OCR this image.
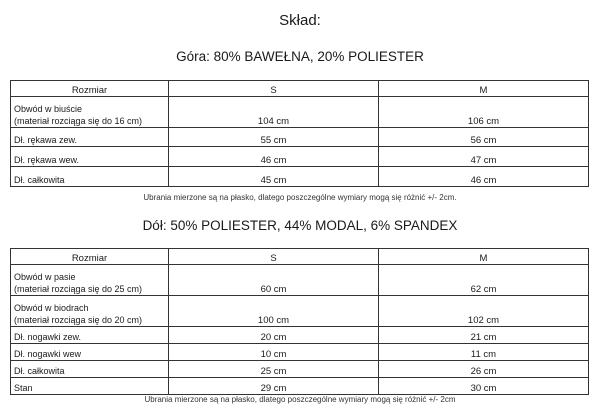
Skład:
Góra: 80% BAWEŁNA, 20% POLIESTER
Rozmiar	S	M
Obwód w biuście
(materiał rozciąga się do 16 cm)	104 cm	106 cm
Dł. rękawa zew.	55 cm	56 cm
Dł. rękawa wew.	46 cm	47 cm
Dł. całkowita	45 cm	46 cm
Ubrania mierzone są na płasko, dlatego poszczególne wymiary mogą się różnić +/- 2cm.
Dół: 50% POLIESTER, 44% MODAL, 6% SPANDEX
Rozmiar	S	M
Obwód w pasie
(materiał rozciąga się do 25 cm)	60 cm	62 cm
Obwód w biodrach
(materiał rozciąga się do 20 cm)	100 cm	102 cm
Dł. nogawki zew.	20 cm	21 cm
Dł. nogawki wew	10 cm	11 cm
Dł. całkowita	25 cm	26 cm
Stan	29 cm	30 cm
Ubrania mierzone są na płasko, dlatego poszczególne wymiary mogą się różnić +/- 2cm
